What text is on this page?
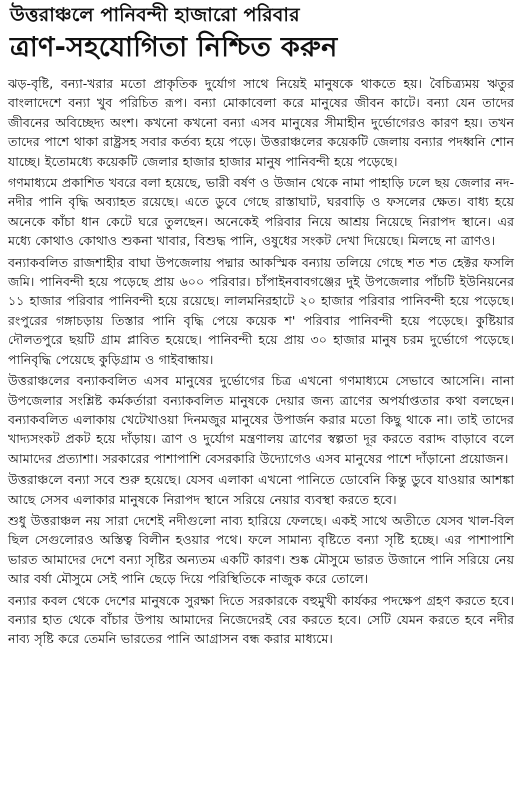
উত্তরাঞ্চলে পানিবন্দী হাজারো পরিবার
ত্রাণ-সহযোগিতা নিশ্চিত করুন

ঝড়-বৃষ্টি, বন্যা-খরার মতো প্রাকৃতিক দুর্যোগ সাথে নিয়েই মানুষকে থাকতে হয়। বৈচিত্র্যময় ঋতুর বাংলাদেশে বন্যা খুব পরিচিত রূপ। বন্যা মোকাবেলা করে মানুষের জীবন কাটে। বন্যা যেন তাদের জীবনের অবিচ্ছেদ্য অংশ। কখনো কখনো বন্যা এসব মানুষের সীমাহীন দুর্ভোগেরও কারণ হয়। তখন তাদের পাশে থাকা রাষ্ট্রসহ সবার কর্তব্য হয়ে পড়ে। উত্তরাঞ্চলের কয়েকটি জেলায় বন্যার পদধ্বনি শোন যাচ্ছে। ইতোমধ্যে কয়েকটি জেলার হাজার হাজার মানুষ পানিবন্দী হয়ে পড়েছে।

গণমাধ্যমে প্রকাশিত খবরে বলা হয়েছে, ভারী বর্ষণ ও উজান থেকে নামা পাহাড়ি ঢলে ছয় জেলার নদ-নদীর পানি বৃদ্ধি অব্যাহত রয়েছে। এতে ডুবে গেছে রাস্তাঘাট, ঘরবাড়ি ও ফসলের ক্ষেত। বাধ্য হয়ে অনেকে কাঁচা ধান কেটে ঘরে তুলছেন। অনেকেই পরিবার নিয়ে আশ্রয় নিয়েছে নিরাপদ স্থানে। এর মধ্যে কোথাও কোথাও শুকনা খাবার, বিশুদ্ধ পানি, ওষুধের সংকট দেখা দিয়েছে। মিলছে না ত্রাণও।

বন্যাকবলিত রাজশাহীর বাঘা উপজেলায় পদ্মার আকস্মিক বন্যায় তলিয়ে গেছে শত শত হেক্টর ফসলি জমি। পানিবন্দী হয়ে পড়েছে প্রায় ৬০০ পরিবার। চাঁপাইনবাবগঞ্জের দুই উপজেলার পাঁচটি ইউনিয়নের ১১ হাজার পরিবার পানিবন্দী হয়ে রয়েছে। লালমনিরহাটে ২০ হাজার পরিবার পানিবন্দী হয়ে পড়েছে। রংপুরের গঙ্গাচড়ায় তিস্তার পানি বৃদ্ধি পেয়ে কয়েক শ' পরিবার পানিবন্দী হয়ে পড়েছে। কুষ্টিয়ার দৌলতপুরে ছয়টি গ্রাম প্লাবিত হয়েছে। পানিবন্দী হয়ে প্রায় ৩০ হাজার মানুষ চরম দুর্ভোগে পড়েছে। পানিবৃদ্ধি পেয়েছে কুড়িগ্রাম ও গাইবান্ধায়।

উত্তরাঞ্চলের বন্যাকবলিত এসব মানুষের দুর্ভোগের চিত্র এখনো গণমাধ্যমে সেভাবে আসেনি। নানা উপজেলার সংশ্লিষ্ট কর্মকর্তারা বন্যাকবলিত মানুষকে দেয়ার জন্য ত্রাণের অপর্যাপ্ততার কথা বলছেন। বন্যাকবলিত এলাকায় খেটেখাওয়া দিনমজুর মানুষের উপার্জন করার মতো কিছু থাকে না। তাই তাদের খাদ্যসংকট প্রকট হয়ে দাঁড়ায়। ত্রাণ ও দুর্যোগ মন্ত্রণালয় ত্রাণের স্বল্পতা দূর করতে বরাদ্দ বাড়াবে বলে আমাদের প্রত্যাশা। সরকারের পাশাপাশি বেসরকারি উদ্যোগেও এসব মানুষের পাশে দাঁড়ানো প্রয়োজন।

উত্তরাঞ্চলে বন্যা সবে শুরু হয়েছে। যেসব এলাকা এখনো পানিতে ডোবেনি কিন্তু ডুবে যাওয়ার আশঙ্কা আছে সেসব এলাকার মানুষকে নিরাপদ স্থানে সরিয়ে নেয়ার ব্যবস্থা করতে হবে।

শুধু উত্তরাঞ্চল নয় সারা দেশেই নদীগুলো নাব্য হারিয়ে ফেলছে। একই সাথে অতীতে যেসব খাল-বিল ছিল সেগুলোরও অস্তিত্ব বিলীন হওয়ার পথে। ফলে সামান্য বৃষ্টিতে বন্যা সৃষ্টি হচ্ছে। এর পাশাপাশি ভারত আমাদের দেশে বন্যা সৃষ্টির অন্যতম একটি কারণ। শুষ্ক মৌসুমে ভারত উজানে পানি সরিয়ে নেয় আর বর্ষা মৌসুমে সেই পানি ছেড়ে দিয়ে পরিস্থিতিকে নাজুক করে তোলে।

বন্যার কবল থেকে দেশের মানুষকে সুরক্ষা দিতে সরকারকে বহুমুখী কার্যকর পদক্ষেপ গ্রহণ করতে হবে। বন্যার হাত থেকে বাঁচার উপায় আমাদের নিজেদেরই বের করতে হবে। সেটি যেমন করতে হবে নদীর নাব্য সৃষ্টি করে তেমনি ভারতের পানি আগ্রাসন বন্ধ করার মাধ্যমে।
